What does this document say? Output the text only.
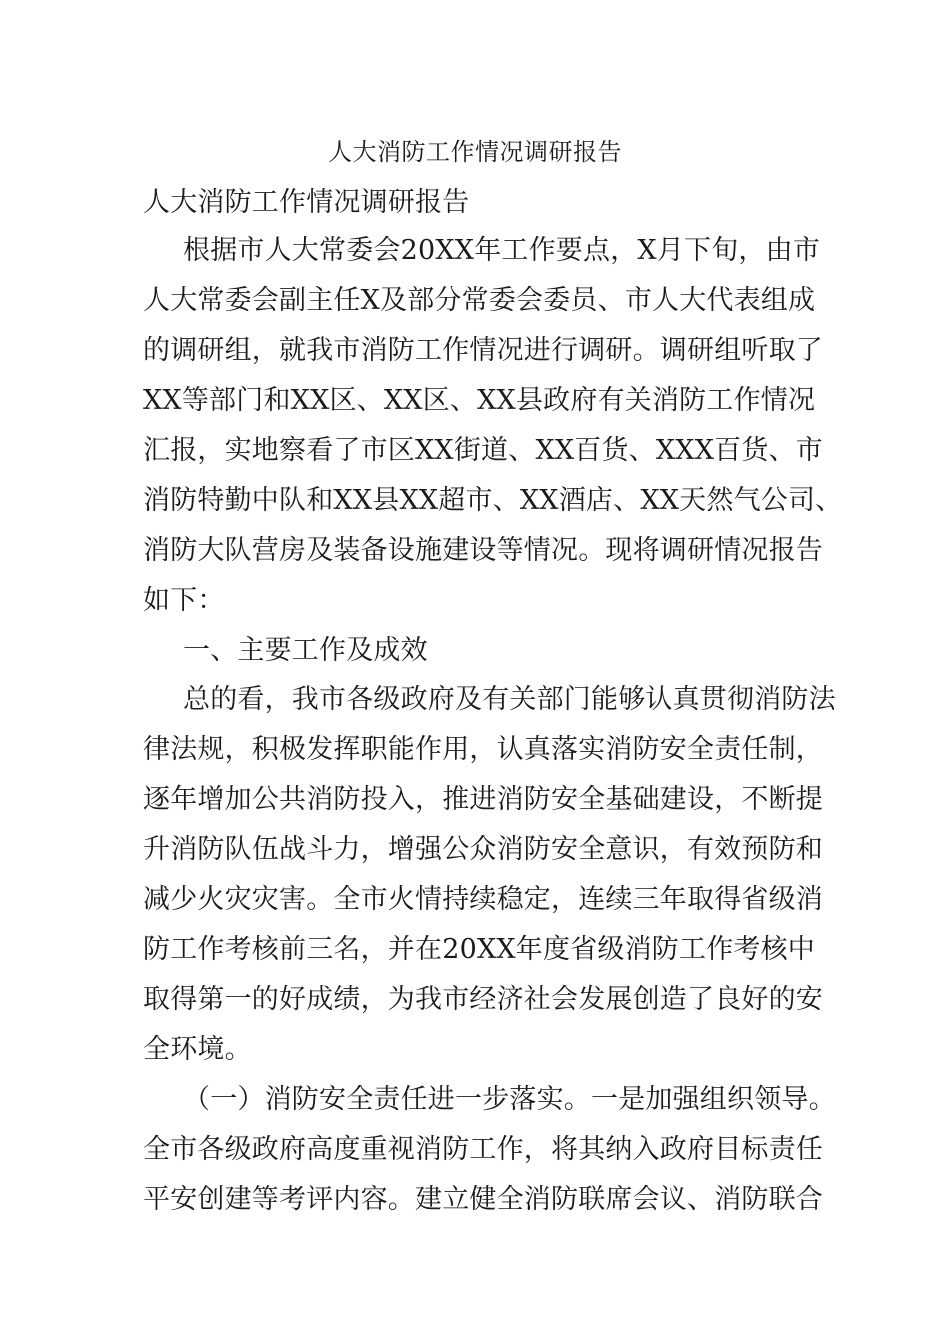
人大消防工作情况调研报告
人大消防工作情况调研报告
根据市人大常委会20XX年工作要点，X月下旬，由市
人大常委会副主任X及部分常委会委员、市人大代表组成
的调研组，就我市消防工作情况进行调研。调研组听取了
XX等部门和XX区、XX区、XX县政府有关消防工作情况
汇报，实地察看了市区XX街道、XX百货、XXX百货、市
消防特勤中队和XX县XX超市、XX酒店、XX天然气公司、
消防大队营房及装备设施建设等情况。现将调研情况报告
如下：
一、主要工作及成效
总的看，我市各级政府及有关部门能够认真贯彻消防法
律法规，积极发挥职能作用，认真落实消防安全责任制，
逐年增加公共消防投入，推进消防安全基础建设，不断提
升消防队伍战斗力，增强公众消防安全意识，有效预防和
减少火灾灾害。全市火情持续稳定，连续三年取得省级消
防工作考核前三名，并在20XX年度省级消防工作考核中
取得第一的好成绩，为我市经济社会发展创造了良好的安
全环境。
（一）消防安全责任进一步落实。一是加强组织领导。
全市各级政府高度重视消防工作，将其纳入政府目标责任
平安创建等考评内容。建立健全消防联席会议、消防联合
